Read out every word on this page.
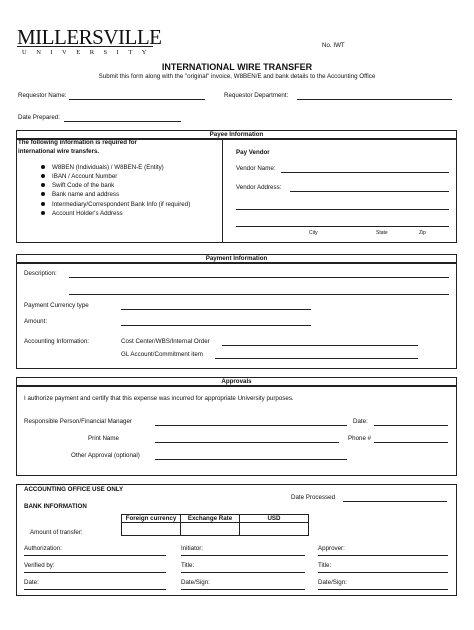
MILLERSVILLE
UNIVERSITY
No. IWT
INTERNATIONAL WIRE TRANSFER
Submit this form along with the "original" invoice, W8BEN/E and bank details to the Accounting Office
Requestor Name:	Requestor Department:
Date Prepared:
Payee Information
The following information is required for
international wire transfers.
W8BEN (Individuals) / W8BEN-E (Entity)
IBAN / Account Number
Swift Code of the bank
Bank name and address
Intermediary/Correspondent Bank Info (if required)
Account Holder's Address
Pay Vendor
Vendor Name:
Vendor Address:
City	State	Zip
Payment Information
Description:
Payment Currency type
Amount:
Accounting Information:	Cost Center/WBS/Internal Order
GL Account/Commitment item
Approvals
I authorize payment and certify that this expense was incurred for appropriate University purposes.
Responsible Person/Financial Manager	Date:
Print Name	Phone #
Other Approval (optional)
ACCOUNTING OFFICE USE ONLY
Date Processed
BANK INFORMATION
Foreign currency	Exchange Rate	USD
Amount of transfer:
Authorization:	Initiator:	Approver:
Verified by:	Title:	Title:
Date:	Date/Sign:	Date/Sign:
